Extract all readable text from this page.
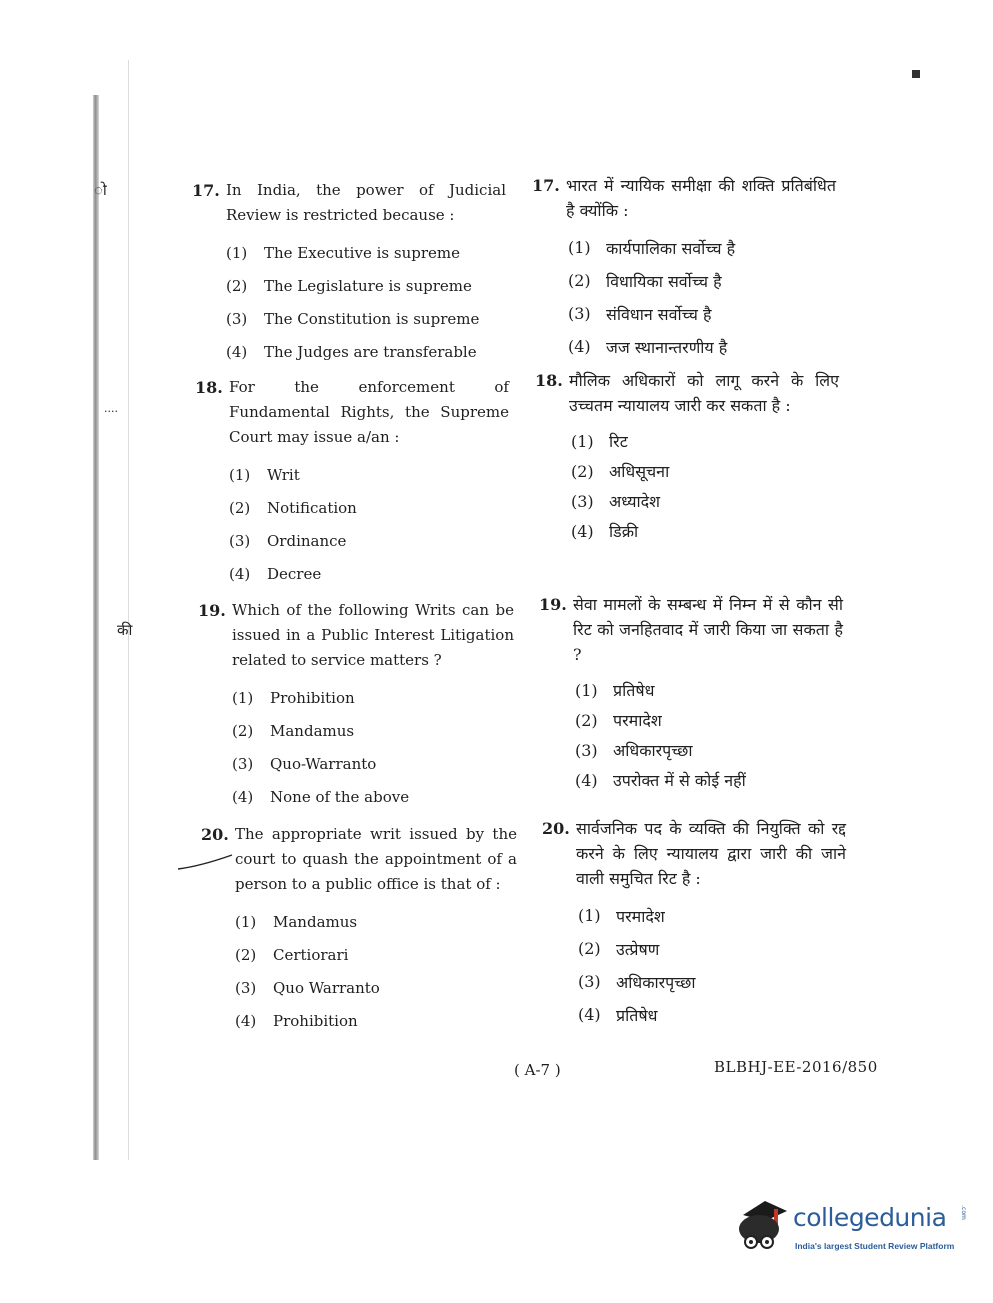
ो
....
की
17. In India, the power of Judicial Review is restricted because :
(1)	The Executive is supreme
(2)	The Legislature is supreme
(3)	The Constitution is supreme
(4)	The Judges are transferable
17. भारत में न्यायिक समीक्षा की शक्ति प्रतिबंधित है क्योंकि :
(1) कार्यपालिका सर्वोच्च है
(2) विधायिका सर्वोच्च है
(3) संविधान सर्वोच्च है
(4) जज स्थानान्तरणीय है
18. For the enforcement of Fundamental Rights, the Supreme Court may issue a/an :
(1)	Writ
(2)	Notification
(3)	Ordinance
(4)	Decree
18. मौलिक अधिकारों को लागू करने के लिए उच्चतम न्यायालय जारी कर सकता है :
(1) रिट
(2) अधिसूचना
(3) अध्यादेश
(4) डिक्री
19. Which of the following Writs can be issued in a Public Interest Litigation related to service matters ?
(1)	Prohibition
(2)	Mandamus
(3)	Quo-Warranto
(4)	None of the above
19. सेवा मामलों के सम्बन्ध में निम्न में से कौन सी रिट को जनहितवाद में जारी किया जा सकता है ?
(1) प्रतिषेध
(2) परमादेश
(3) अधिकारपृच्छा
(4) उपरोक्त में से कोई नहीं
20. The appropriate writ issued by the court to quash the appointment of a person to a public office is that of :
(1)	Mandamus
(2)	Certiorari
(3)	Quo Warranto
(4)	Prohibition
20. सार्वजनिक पद के व्यक्ति की नियुक्ति को रद्द करने के लिए न्यायालय द्वारा जारी की जाने वाली समुचित रिट है :
(1) परमादेश
(2) उत्प्रेषण
(3) अधिकारपृच्छा
(4) प्रतिषेध
( A-7 )	BLBHJ-EE-2016/850
collegedunia .com
India's largest Student Review Platform
